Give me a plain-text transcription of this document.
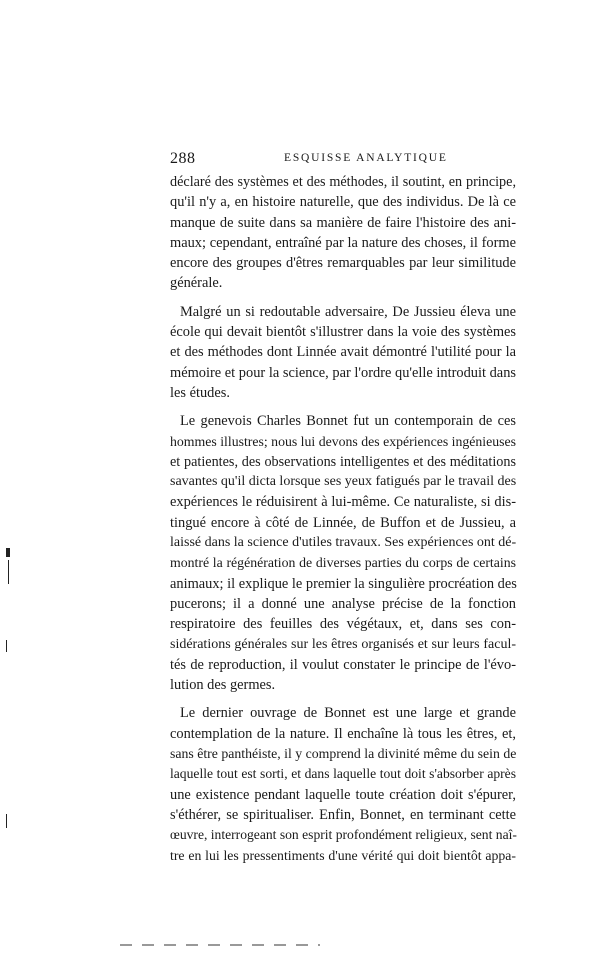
288	ESQUISSE ANALYTIQUE
déclaré des systèmes et des méthodes, il soutint, en principe,
qu'il n'y a, en histoire naturelle, que des individus. De là ce
manque de suite dans sa manière de faire l'histoire des ani-
maux; cependant, entraîné par la nature des choses, il forme
encore des groupes d'êtres remarquables par leur similitude
générale.
Malgré un si redoutable adversaire, De Jussieu éleva une
école qui devait bientôt s'illustrer dans la voie des systèmes
et des méthodes dont Linnée avait démontré l'utilité pour la
mémoire et pour la science, par l'ordre qu'elle introduit dans
les études.
Le genevois Charles Bonnet fut un contemporain de ces
hommes illustres; nous lui devons des expériences ingénieuses
et patientes, des observations intelligentes et des méditations
savantes qu'il dicta lorsque ses yeux fatigués par le travail des
expériences le réduisirent à lui-même. Ce naturaliste, si dis-
tingué encore à côté de Linnée, de Buffon et de Jussieu, a
laissé dans la science d'utiles travaux. Ses expériences ont dé-
montré la régénération de diverses parties du corps de certains
animaux; il explique le premier la singulière procréation des
pucerons; il a donné une analyse précise de la fonction
respiratoire des feuilles des végétaux, et, dans ses con-
sidérations générales sur les êtres organisés et sur leurs facul-
tés de reproduction, il voulut constater le principe de l'évo-
lution des germes.
Le dernier ouvrage de Bonnet est une large et grande
contemplation de la nature. Il enchaîne là tous les êtres, et,
sans être panthéiste, il y comprend la divinité même du sein de
laquelle tout est sorti, et dans laquelle tout doit s'absorber après
une existence pendant laquelle toute création doit s'épurer,
s'éthérer, se spiritualiser. Enfin, Bonnet, en terminant cette
œuvre, interrogeant son esprit profondément religieux, sent naî-
tre en lui les pressentiments d'une vérité qui doit bientôt appa-
